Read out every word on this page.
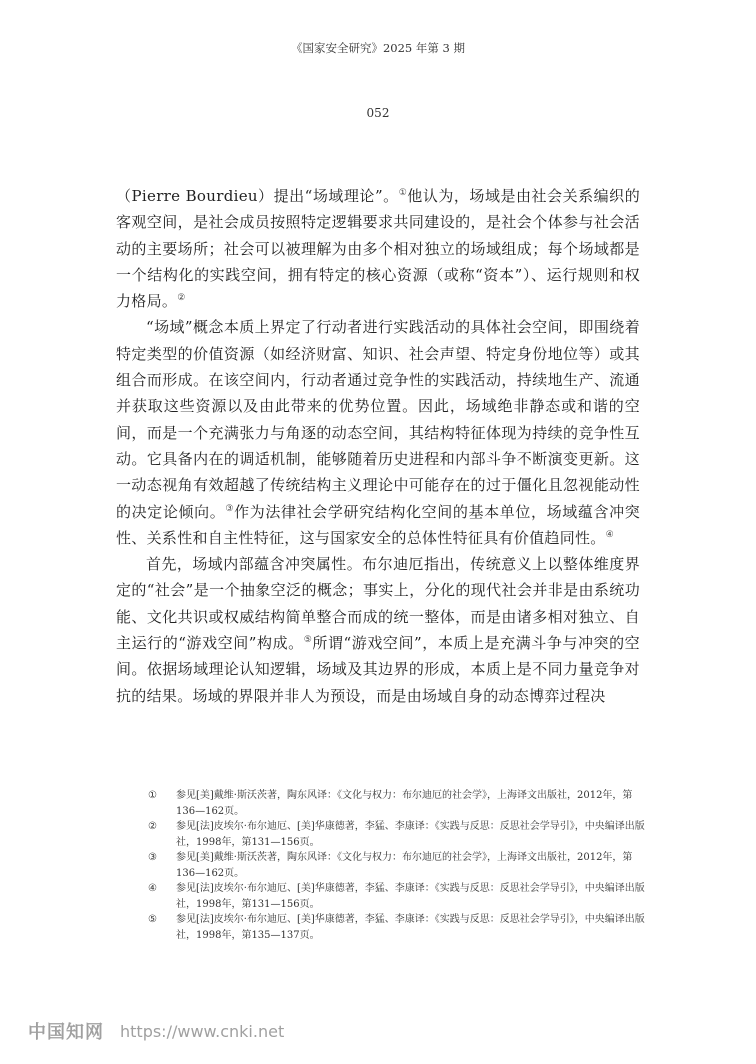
《国家安全研究》2025 年第 3 期
052

（Pierre Bourdieu）提出“场域理论”。①他认为，场域是由社会关系编织的客观空间，是社会成员按照特定逻辑要求共同建设的，是社会个体参与社会活动的主要场所；社会可以被理解为由多个相对独立的场域组成；每个场域都是一个结构化的实践空间，拥有特定的核心资源（或称“资本”）、运行规则和权力格局。②

“场域”概念本质上界定了行动者进行实践活动的具体社会空间，即围绕着特定类型的价值资源（如经济财富、知识、社会声望、特定身份地位等）或其组合而形成。在该空间内，行动者通过竞争性的实践活动，持续地生产、流通并获取这些资源以及由此带来的优势位置。因此，场域绝非静态或和谐的空间，而是一个充满张力与角逐的动态空间，其结构特征体现为持续的竞争性互动。它具备内在的调适机制，能够随着历史进程和内部斗争不断演变更新。这一动态视角有效超越了传统结构主义理论中可能存在的过于僵化且忽视能动性的决定论倾向。③作为法律社会学研究结构化空间的基本单位，场域蕴含冲突性、关系性和自主性特征，这与国家安全的总体性特征具有价值趋同性。④

首先，场域内部蕴含冲突属性。布尔迪厄指出，传统意义上以整体维度界定的“社会”是一个抽象空泛的概念；事实上，分化的现代社会并非是由系统功能、文化共识或权威结构简单整合而成的统一整体，而是由诸多相对独立、自主运行的“游戏空间”构成。⑤所谓“游戏空间”，本质上是充满斗争与冲突的空间。依据场域理论认知逻辑，场域及其边界的形成，本质上是不同力量竞争对抗的结果。场域的界限并非人为预设，而是由场域自身的动态博弈过程决

①	参见[美]戴维·斯沃茨著，陶东风译：《文化与权力：布尔迪厄的社会学》，上海译文出版社，2012年，第136—162页。
②	参见[法]皮埃尔·布尔迪厄、[美]华康德著，李猛、李康译：《实践与反思：反思社会学导引》，中央编译出版社，1998年，第131—156页。
③	参见[美]戴维·斯沃茨著，陶东风译：《文化与权力：布尔迪厄的社会学》，上海译文出版社，2012年，第136—162页。
④	参见[法]皮埃尔·布尔迪厄、[美]华康德著，李猛、李康译：《实践与反思：反思社会学导引》，中央编译出版社，1998年，第131—156页。
⑤	参见[法]皮埃尔·布尔迪厄、[美]华康德著，李猛、李康译：《实践与反思：反思社会学导引》，中央编译出版社，1998年，第135—137页。
中国知网 https://www.cnki.net
